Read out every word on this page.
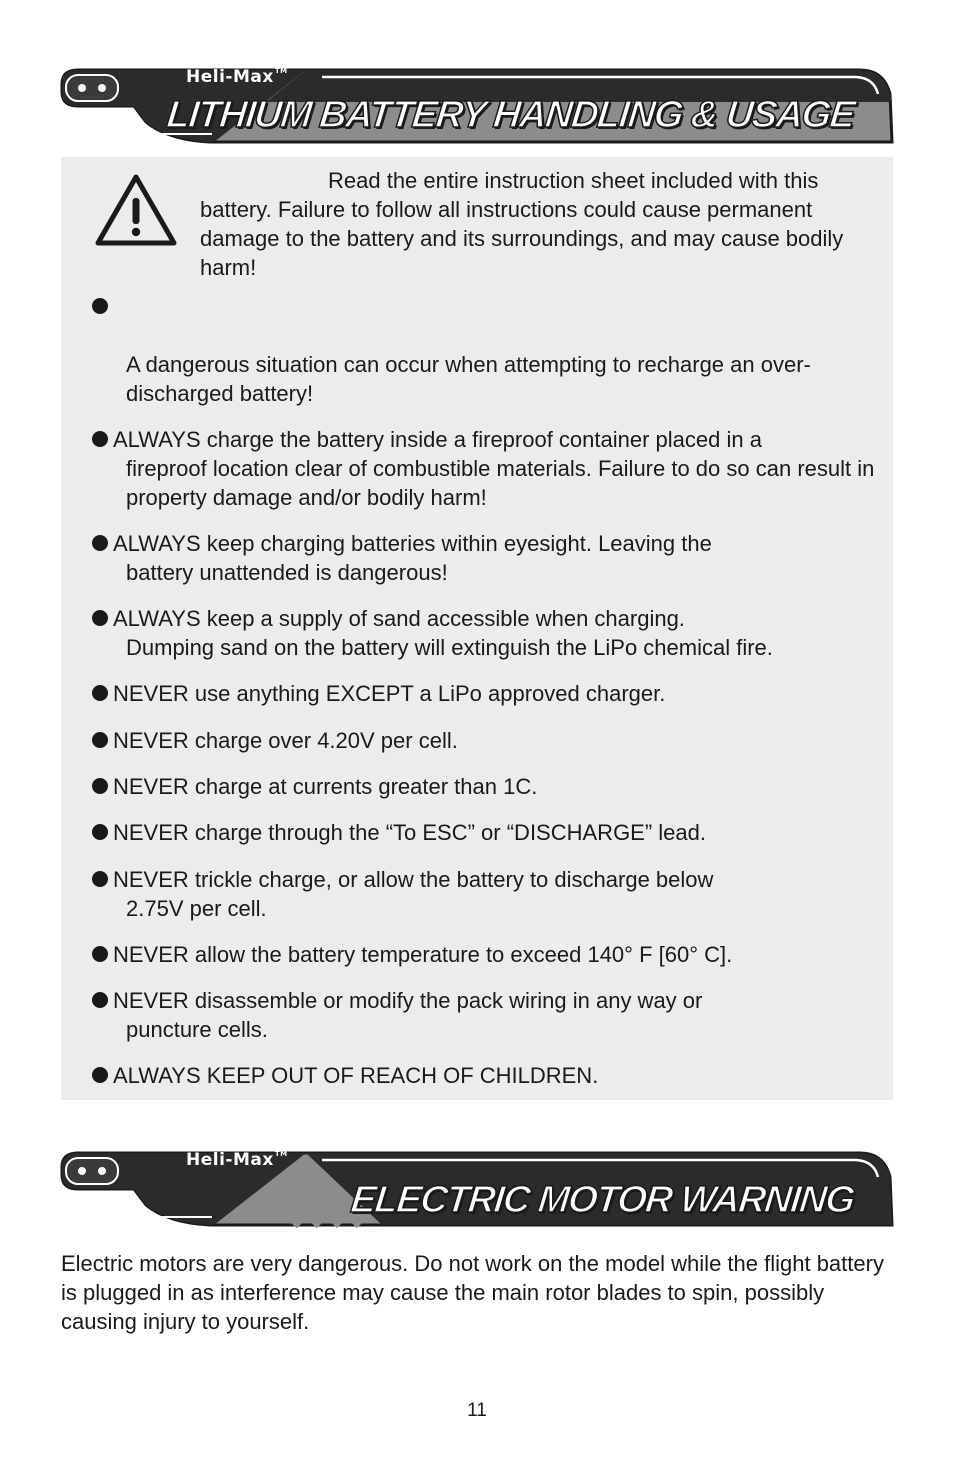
Heli-Max™
LITHIUM BATTERY HANDLING & USAGE

Read the entire instruction sheet included with this
battery. Failure to follow all instructions could cause permanent damage to the battery and its surroundings, and may cause bodily harm!

A dangerous situation can occur when attempting to recharge an over-discharged battery!
ALWAYS charge the battery inside a fireproof container placed in a
fireproof location clear of combustible materials. Failure to do so can result in property damage and/or bodily harm!
ALWAYS keep charging batteries within eyesight. Leaving the
battery unattended is dangerous!
ALWAYS keep a supply of sand accessible when charging.
Dumping sand on the battery will extinguish the LiPo chemical fire.
NEVER use anything EXCEPT a LiPo approved charger.
NEVER charge over 4.20V per cell.
NEVER charge at currents greater than 1C.
NEVER charge through the “To ESC” or “DISCHARGE” lead.
NEVER trickle charge, or allow the battery to discharge below
2.75V per cell.
NEVER allow the battery temperature to exceed 140° F [60° C].
NEVER disassemble or modify the pack wiring in any way or
puncture cells.
ALWAYS KEEP OUT OF REACH OF CHILDREN.
Heli-Max™
ELECTRIC MOTOR WARNING

Electric motors are very dangerous. Do not work on the model while the flight battery is plugged in as interference may cause the main rotor blades to spin, possibly causing injury to yourself.

11
